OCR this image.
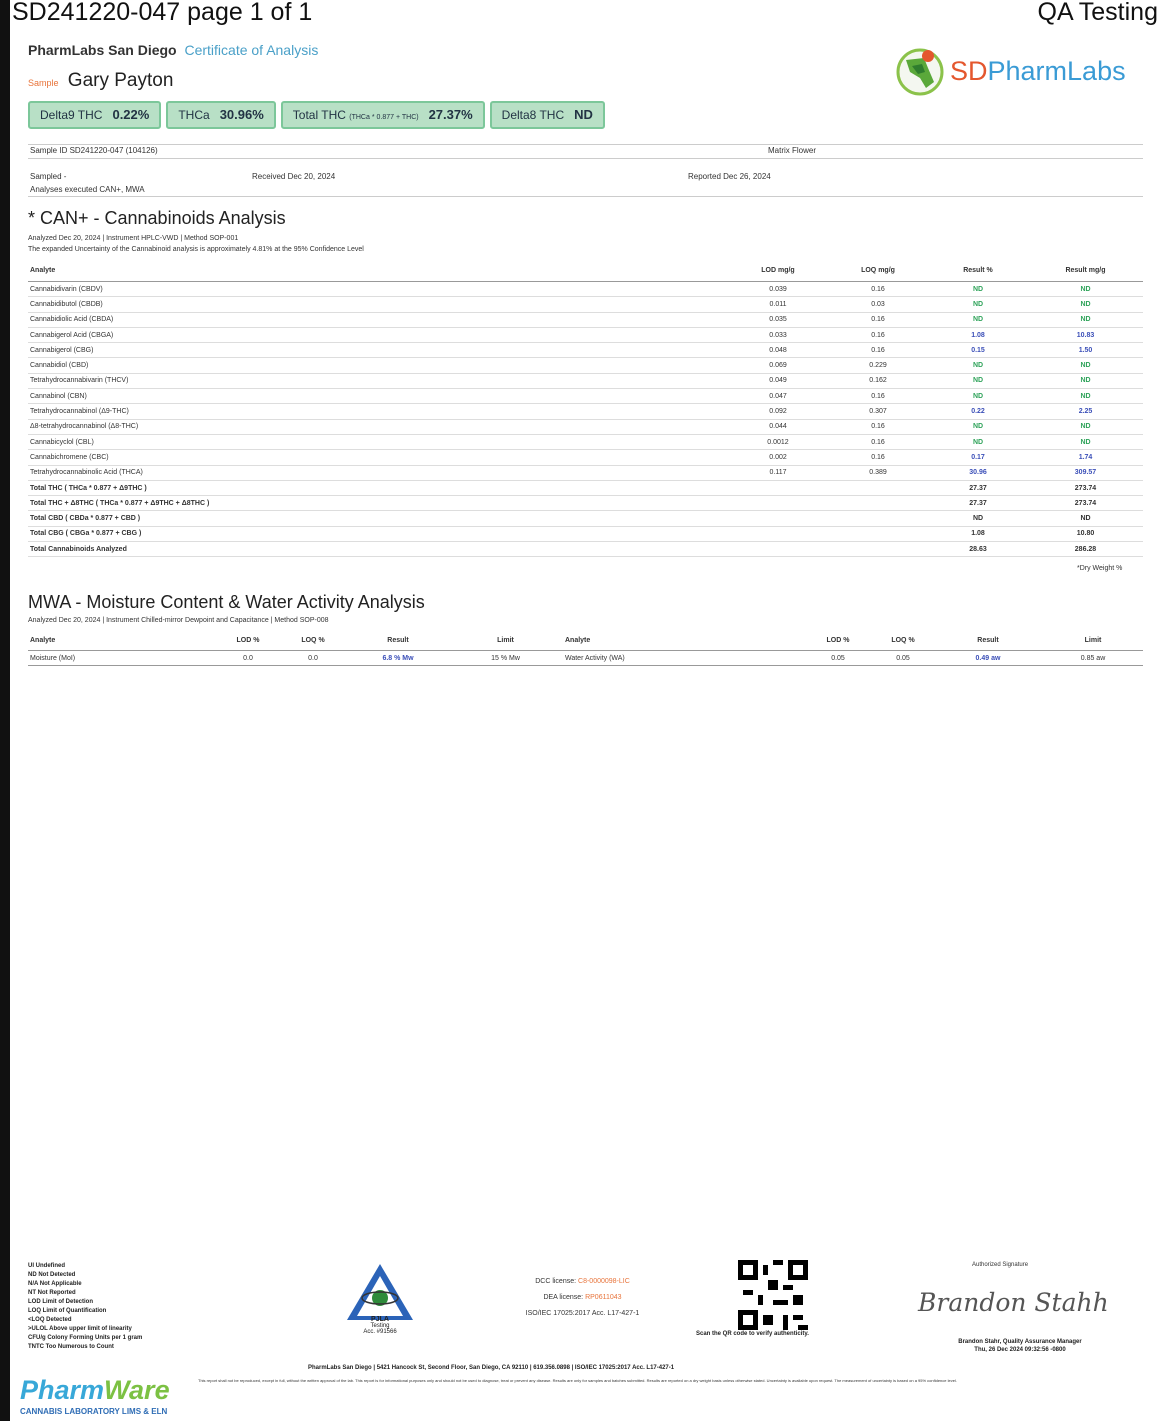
SD241220-047 page 1 of 1	QA Testing
PharmLabs San Diego Certificate of Analysis
Sample Gary Payton	SDPharmLabs
Delta9 THC 0.22%	THCa 30.96%	Total THC (THCa * 0.877 + THC) 27.37%	Delta8 THC ND
Sample ID SD241220-047 (104126)	Matrix Flower
Sampled -	Received Dec 20, 2024	Reported Dec 26, 2024
Analyses executed CAN+, MWA
* CAN+ - Cannabinoids Analysis
Analyzed Dec 20, 2024 | Instrument HPLC-VWD | Method SOP-001
The expanded Uncertainty of the Cannabinoid analysis is approximately 4.81% at the 95% Confidence Level
Analyte	LOD mg/g	LOQ mg/g	Result %	Result mg/g
Cannabidivarin (CBDV)	0.039	0.16	ND	ND
Cannabidibutol (CBDB)	0.011	0.03	ND	ND
Cannabidiolic Acid (CBDA)	0.035	0.16	ND	ND
Cannabigerol Acid (CBGA)	0.033	0.16	1.08	10.83
Cannabigerol (CBG)	0.048	0.16	0.15	1.50
Cannabidiol (CBD)	0.069	0.229	ND	ND
Tetrahydrocannabivarin (THCV)	0.049	0.162	ND	ND
Cannabinol (CBN)	0.047	0.16	ND	ND
Tetrahydrocannabinol (Δ9-THC)	0.092	0.307	0.22	2.25
Δ8-tetrahydrocannabinol (Δ8-THC)	0.044	0.16	ND	ND
Cannabicyclol (CBL)	0.0012	0.16	ND	ND
Cannabichromene (CBC)	0.002	0.16	0.17	1.74
Tetrahydrocannabinolic Acid (THCA)	0.117	0.389	30.96	309.57
Total THC ( THCa * 0.877 + Δ9THC )			27.37	273.74
Total THC + Δ8THC ( THCa * 0.877 + Δ9THC + Δ8THC )			27.37	273.74
Total CBD ( CBDa * 0.877 + CBD )			ND	ND
Total CBG ( CBGa * 0.877 + CBG )			1.08	10.80
Total Cannabinoids Analyzed			28.63	286.28
*Dry Weight %
MWA - Moisture Content & Water Activity Analysis
Analyzed Dec 20, 2024 | Instrument Chilled-mirror Dewpoint and Capacitance | Method SOP-008
Analyte	LOD %	LOQ %	Result	Limit	Analyte	LOD %	LOQ %	Result	Limit
Moisture (MoI)	0.0	0.0	6.8 % Mw	15 % Mw	Water Activity (WA)	0.05	0.05	0.49 aw	0.85 aw
UI Undefined
ND Not Detected
N/A Not Applicable
NT Not Reported
LOD Limit of Detection
LOQ Limit of Quantification
<LOQ Detected
>ULOL Above upper limit of linearity
CFU/g Colony Forming Units per 1 gram
TNTC Too Numerous to Count
PJLA
Testing
Acc. #91566
DCC license: C8-0000098-LIC
DEA license: RP0611043
ISO/IEC 17025:2017 Acc. L17-427-1
Scan the QR code to verify authenticity.
Authorized Signature
Brandon Stahh
Brandon Stahr, Quality Assurance Manager
Thu, 26 Dec 2024 09:32:56 -0800
PharmLabs San Diego | 5421 Hancock St, Second Floor, San Diego, CA 92110 | 619.356.0898 | ISO/IEC 17025:2017 Acc. L17-427-1
This report shall not be reproduced, except in full, without the written approval of the lab. This report is for informational purposes only and should not be used to diagnose, treat or prevent any disease. Results are only for samples and batches submitted. Results are reported on a dry weight basis unless otherwise stated. Uncertainty is available upon request. The measurement of uncertainty is based on a 95% confidence level.
PharmWare
CANNABIS LABORATORY LIMS & ELN
